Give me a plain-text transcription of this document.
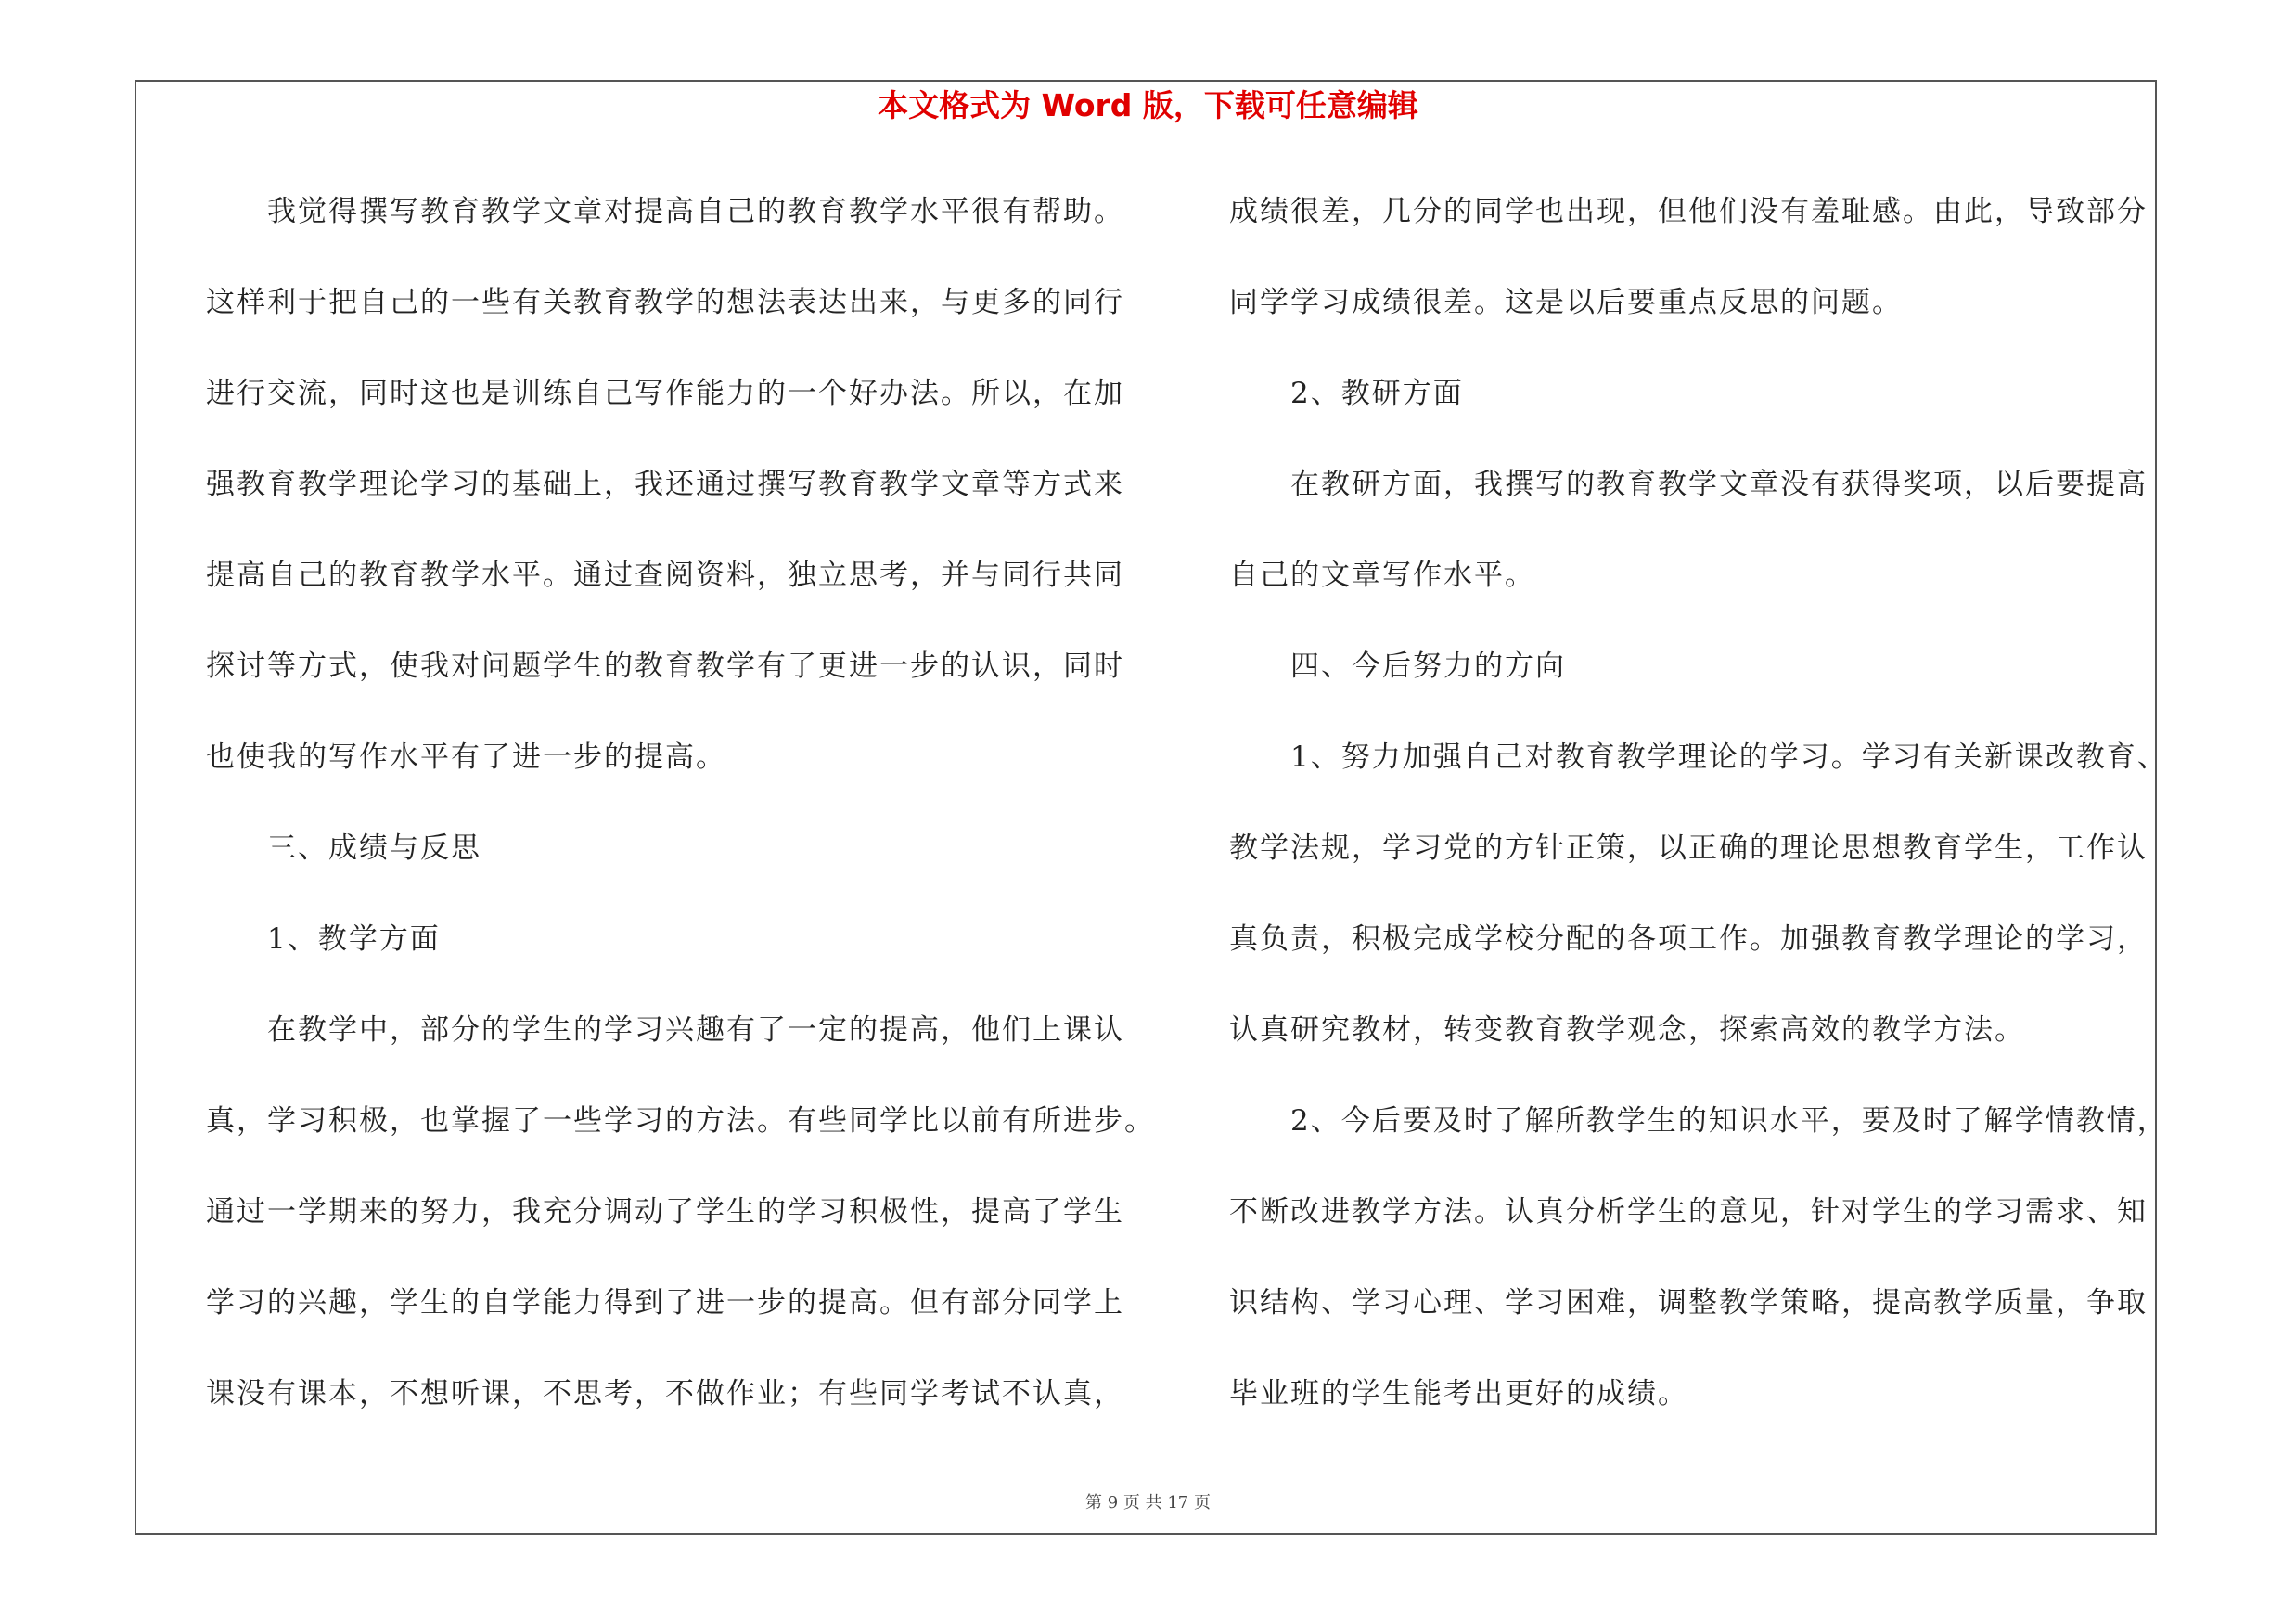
本文格式为 Word 版，下载可任意编辑
我觉得撰写教育教学文章对提高自己的教育教学水平很有帮助。
这样利于把自己的一些有关教育教学的想法表达出来，与更多的同行
进行交流，同时这也是训练自己写作能力的一个好办法。所以，在加
强教育教学理论学习的基础上，我还通过撰写教育教学文章等方式来
提高自己的教育教学水平。通过查阅资料，独立思考，并与同行共同
探讨等方式，使我对问题学生的教育教学有了更进一步的认识，同时
也使我的写作水平有了进一步的提高。
三、成绩与反思
1、教学方面
在教学中，部分的学生的学习兴趣有了一定的提高，他们上课认
真，学习积极，也掌握了一些学习的方法。有些同学比以前有所进步。
通过一学期来的努力，我充分调动了学生的学习积极性，提高了学生
学习的兴趣，学生的自学能力得到了进一步的提高。但有部分同学上
课没有课本，不想听课，不思考，不做作业；有些同学考试不认真，
成绩很差，几分的同学也出现，但他们没有羞耻感。由此，导致部分
同学学习成绩很差。这是以后要重点反思的问题。
2、教研方面
在教研方面，我撰写的教育教学文章没有获得奖项，以后要提高
自己的文章写作水平。
四、今后努力的方向
1、努力加强自己对教育教学理论的学习。学习有关新课改教育、
教学法规，学习党的方针正策，以正确的理论思想教育学生，工作认
真负责，积极完成学校分配的各项工作。加强教育教学理论的学习，
认真研究教材，转变教育教学观念，探索高效的教学方法。
2、今后要及时了解所教学生的知识水平，要及时了解学情教情，
不断改进教学方法。认真分析学生的意见，针对学生的学习需求、知
识结构、学习心理、学习困难，调整教学策略，提高教学质量，争取
毕业班的学生能考出更好的成绩。
第 9 页 共 17 页
